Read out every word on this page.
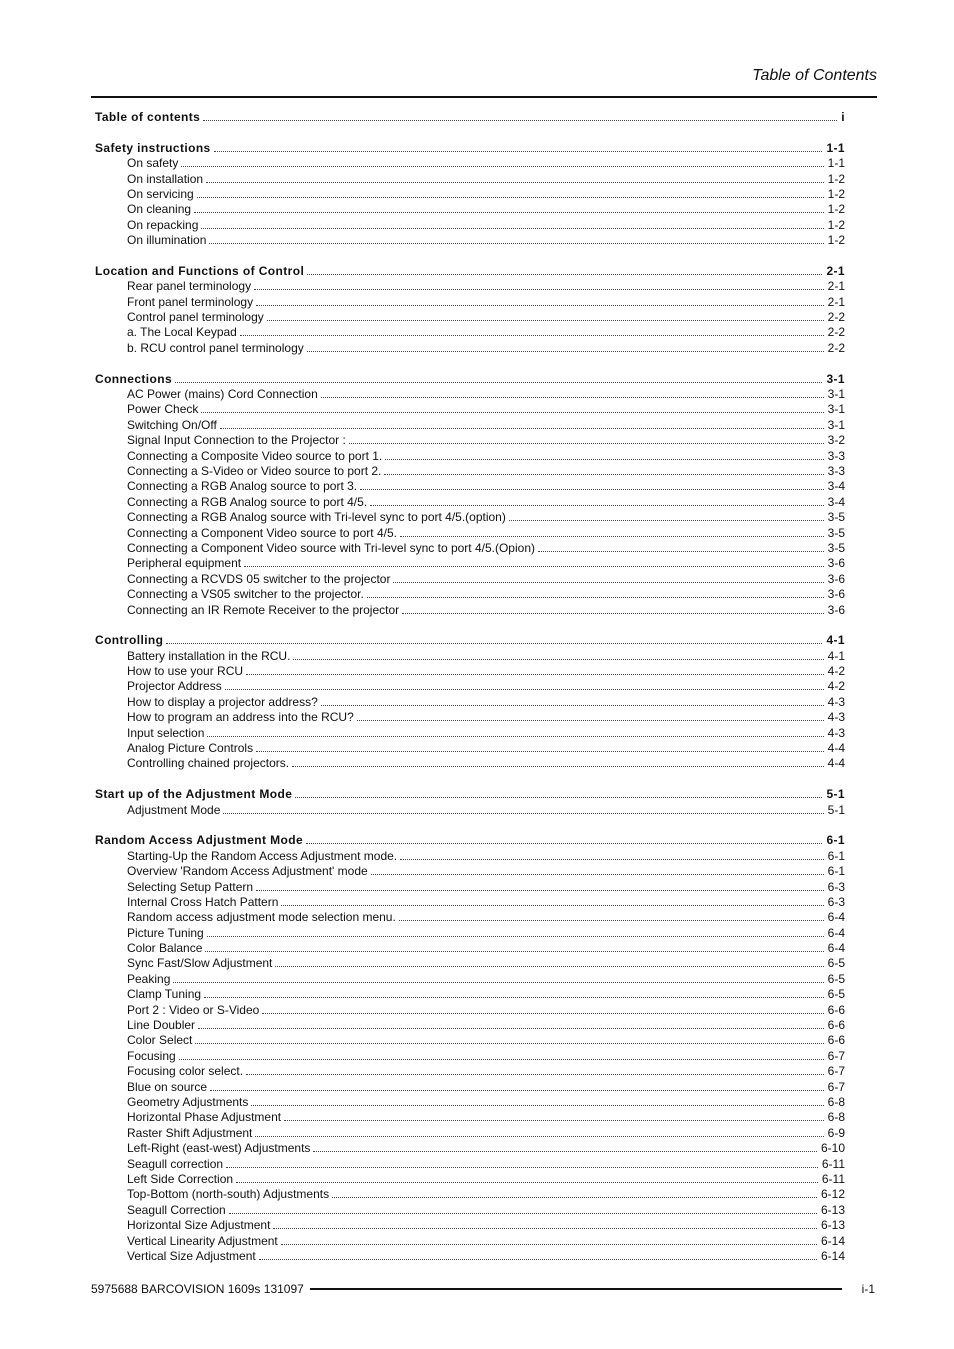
Table of Contents
Table of contents	i
Safety instructions	1-1
On safety	1-1
On installation	1-2
On servicing	1-2
On cleaning	1-2
On repacking	1-2
On illumination	1-2
Location and Functions of Control	2-1
Rear panel terminology	2-1
Front panel terminology	2-1
Control panel terminology	2-2
a. The Local Keypad	2-2
b. RCU control panel terminology	2-2
Connections	3-1
AC Power (mains) Cord Connection	3-1
Power Check	3-1
Switching On/Off	3-1
Signal Input Connection to the Projector :	3-2
Connecting a Composite Video source to port 1.	3-3
Connecting a S-Video or Video source to port 2.	3-3
Connecting a RGB Analog source to port 3.	3-4
Connecting a RGB Analog source to port 4/5.	3-4
Connecting a RGB Analog source with Tri-level sync to port 4/5.(option)	3-5
Connecting a Component Video source to port 4/5.	3-5
Connecting a Component Video source with Tri-level sync to port 4/5.(Opion)	3-5
Peripheral equipment	3-6
Connecting a RCVDS 05 switcher to the projector	3-6
Connecting a VS05 switcher to the projector.	3-6
Connecting an IR Remote Receiver to the projector	3-6
Controlling	4-1
Battery installation in the RCU.	4-1
How to use your RCU	4-2
Projector Address	4-2
How to display a projector address?	4-3
How to program an address into the RCU?	4-3
Input selection	4-3
Analog Picture Controls	4-4
Controlling chained projectors.	4-4
Start up of the Adjustment Mode	5-1
Adjustment Mode	5-1
Random Access Adjustment Mode	6-1
Starting-Up the Random Access Adjustment mode.	6-1
Overview 'Random Access Adjustment' mode	6-1
Selecting Setup Pattern	6-3
Internal Cross Hatch Pattern	6-3
Random access adjustment mode selection menu.	6-4
Picture Tuning	6-4
Color Balance	6-4
Sync Fast/Slow Adjustment	6-5
Peaking	6-5
Clamp Tuning	6-5
Port 2 : Video or S-Video	6-6
Line Doubler	6-6
Color Select	6-6
Focusing	6-7
Focusing color select.	6-7
Blue on source	6-7
Geometry Adjustments	6-8
Horizontal Phase Adjustment	6-8
Raster Shift Adjustment	6-9
Left-Right (east-west) Adjustments	6-10
Seagull correction	6-11
Left Side Correction	6-11
Top-Bottom (north-south) Adjustments	6-12
Seagull Correction	6-13
Horizontal Size Adjustment	6-13
Vertical Linearity Adjustment	6-14
Vertical Size Adjustment	6-14
5975688 BARCOVISION 1609s 131097	i-1
